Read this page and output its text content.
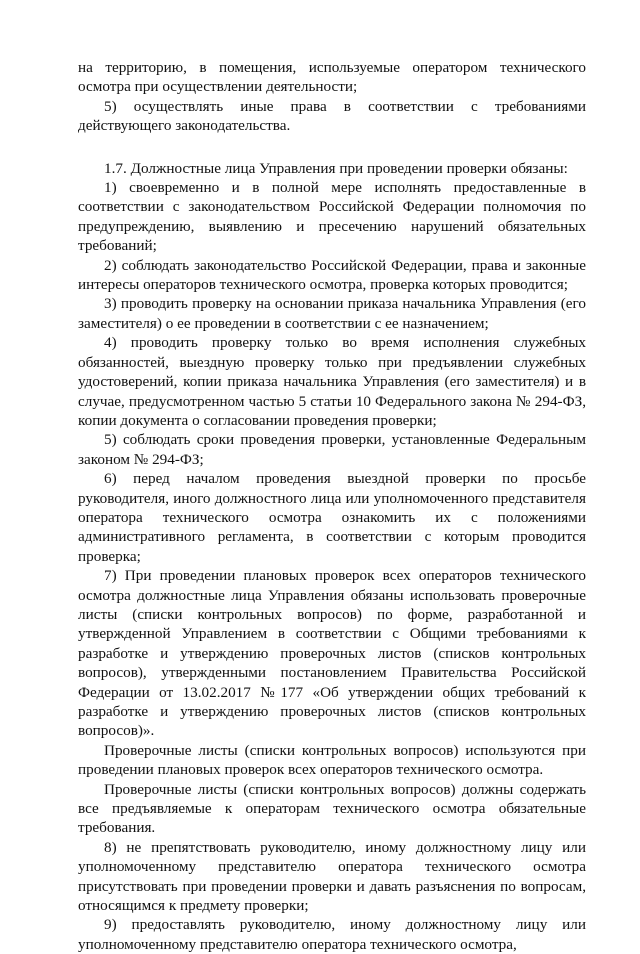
на территорию, в помещения, используемые оператором технического осмотра при осуществлении деятельности;

5) осуществлять иные права в соответствии с требованиями действующего законодательства.

1.7. Должностные лица Управления при проведении проверки обязаны:

1) своевременно и в полной мере исполнять предоставленные в соответствии с законодательством Российской Федерации полномочия по предупреждению, выявлению и пресечению нарушений обязательных требований;

2) соблюдать законодательство Российской Федерации, права и законные интересы операторов технического осмотра, проверка которых проводится;

3) проводить проверку на основании приказа начальника Управления (его заместителя) о ее проведении в соответствии с ее назначением;

4) проводить проверку только во время исполнения служебных обязанностей, выездную проверку только при предъявлении служебных удостоверений, копии приказа начальника Управления (его заместителя) и в случае, предусмотренном частью 5 статьи 10 Федерального закона № 294-ФЗ, копии документа о согласовании проведения проверки;

5) соблюдать сроки проведения проверки, установленные Федеральным законом № 294-ФЗ;

6) перед началом проведения выездной проверки по просьбе руководителя, иного должностного лица или уполномоченного представителя оператора технического осмотра ознакомить их с положениями административного регламента, в соответствии с которым проводится проверка;

7) При проведении плановых проверок всех операторов технического осмотра должностные лица Управления обязаны использовать проверочные листы (списки контрольных вопросов) по форме, разработанной и утвержденной Управлением в соответствии с Общими требованиями к разработке и утверждению проверочных листов (списков контрольных вопросов), утвержденными постановлением Правительства Российской Федерации от 13.02.2017 №177 «Об утверждении общих требований к разработке и утверждению проверочных листов (списков контрольных вопросов)».

Проверочные листы (списки контрольных вопросов) используются при проведении плановых проверок всех операторов технического осмотра.

Проверочные листы (списки контрольных вопросов) должны содержать все предъявляемые к операторам технического осмотра обязательные требования.

8) не препятствовать руководителю, иному должностному лицу или уполномоченному представителю оператора технического осмотра присутствовать при проведении проверки и давать разъяснения по вопросам, относящимся к предмету проверки;

9) предоставлять руководителю, иному должностному лицу или уполномоченному представителю оператора технического осмотра,
